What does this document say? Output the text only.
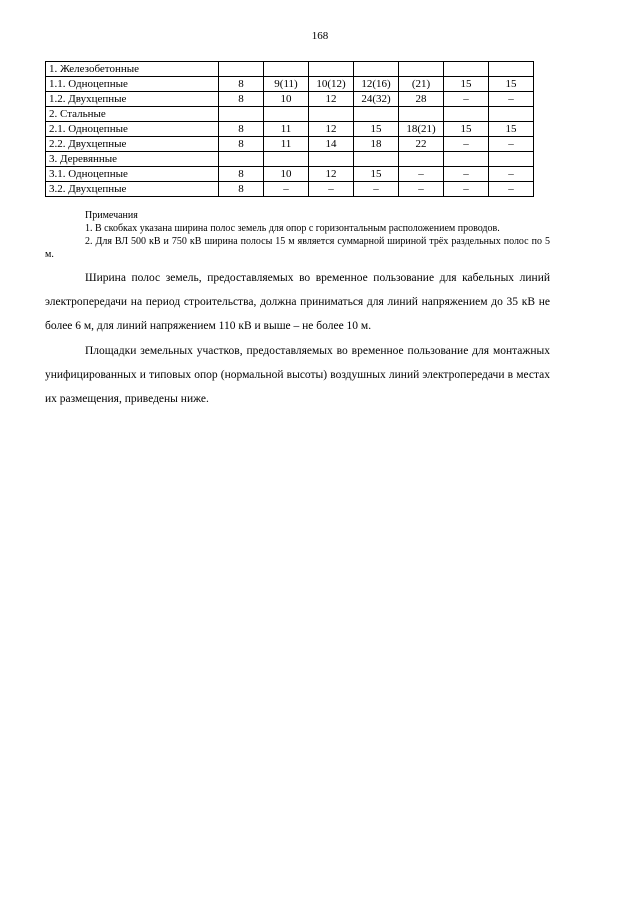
168
1. Железобетонные							
1.1. Одноцепные	8	9(11)	10(12)	12(16)	(21)	15	15
1.2. Двухцепные	8	10	12	24(32)	28	–	–
2. Стальные							
2.1. Одноцепные	8	11	12	15	18(21)	15	15
2.2. Двухцепные	8	11	14	18	22	–	–
3. Деревянные							
3.1. Одноцепные	8	10	12	15	–	–	–
3.2. Двухцепные	8	–	–	–	–	–	–
Примечания
1. В скобках указана ширина полос земель для опор с горизонтальным расположением проводов.
2. Для ВЛ 500 кВ и 750 кВ ширина полосы 15 м является суммарной шириной трёх раздельных полос по 5 м.
Ширина полос земель, предоставляемых во временное пользование для кабельных линий электропередачи на период строительства, должна приниматься для линий напряжением до 35 кВ не более 6 м, для линий напряжением 110 кВ и выше – не более 10 м.
Площадки земельных участков, предоставляемых во временное пользование для монтажных унифицированных и типовых опор (нормальной высоты) воздушных линий электропередачи в местах их размещения, приведены ниже.
